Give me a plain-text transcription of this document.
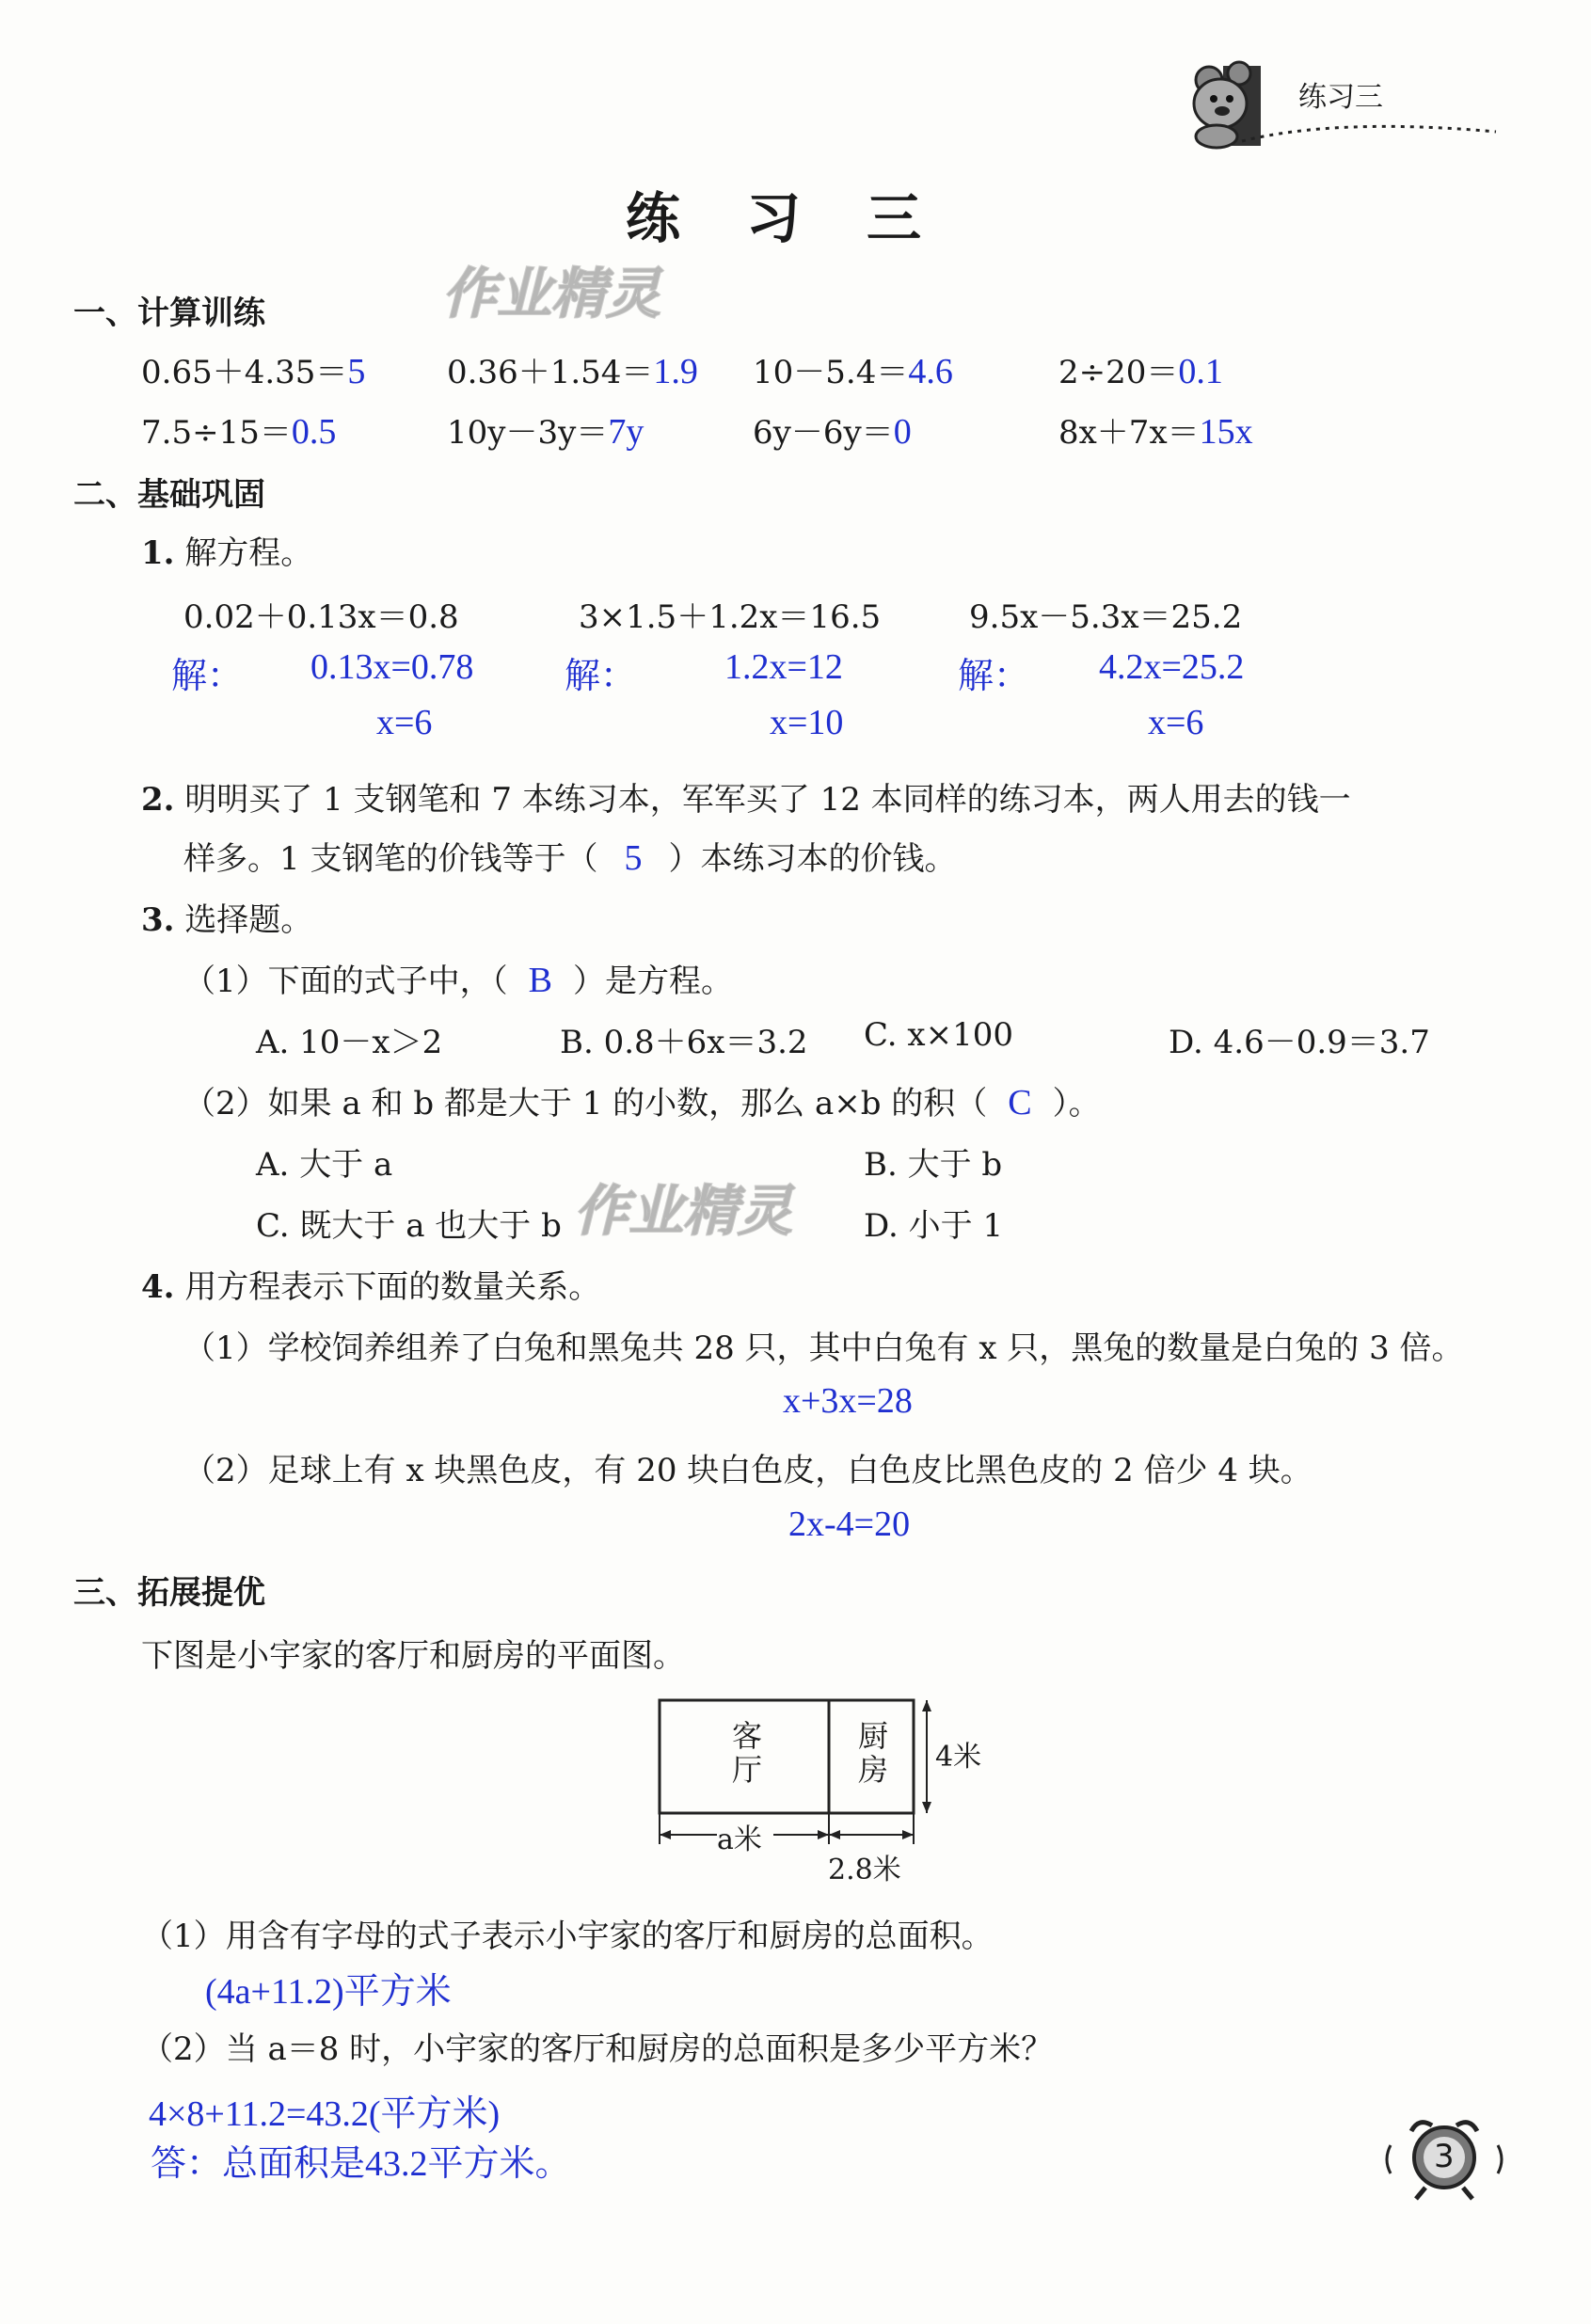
练习三
练习三
作业精灵
作业精灵
一、计算训练
0.65＋4.35＝5	0.36＋1.54＝1.9 10－5.4＝4.6	2÷20＝0.1
7.5÷15＝0.5	10y－3y＝7y	6y－6y＝0	8x＋7x＝15x
二、基础巩固
1. 解方程。
0.02＋0.13x＝0.8	3×1.5＋1.2x＝16.5	9.5x－5.3x＝25.2
解： 0.13x=0.78
x=6
解： 1.2x=12
x=10
解： 4.2x=25.2
x=6
2. 明明买了 1 支钢笔和 7 本练习本，军军买了 12 本同样的练习本，两人用去的钱一
样多。1 支钢笔的价钱等于（ 5 ）本练习本的价钱。
3. 选择题。
（1）下面的式子中，（ B ）是方程。
A. 10－x＞2	B. 0.8＋6x＝3.2 C. x×100	D. 4.6－0.9＝3.7
（2）如果 a 和 b 都是大于 1 的小数，那么 a×b 的积（ C ）。
A. 大于 a	B. 大于 b
C. 既大于 a 也大于 b	D. 小于 1
4. 用方程表示下面的数量关系。
（1）学校饲养组养了白兔和黑兔共 28 只，其中白兔有 x 只，黑兔的数量是白兔的 3 倍。
x+3x=28
（2）足球上有 x 块黑色皮，有 20 块白色皮，白色皮比黑色皮的 2 倍少 4 块。
2x-4=20
三、拓展提优
下图是小宇家的客厅和厨房的平面图。
客
厅
厨
房 4米
a米
2.8米
（1）用含有字母的式子表示小宇家的客厅和厨房的总面积。
(4a+11.2)平方米
（2）当 a＝8 时，小宇家的客厅和厨房的总面积是多少平方米？
4×8+11.2=43.2(平方米)
答：总面积是43.2平方米。	3
